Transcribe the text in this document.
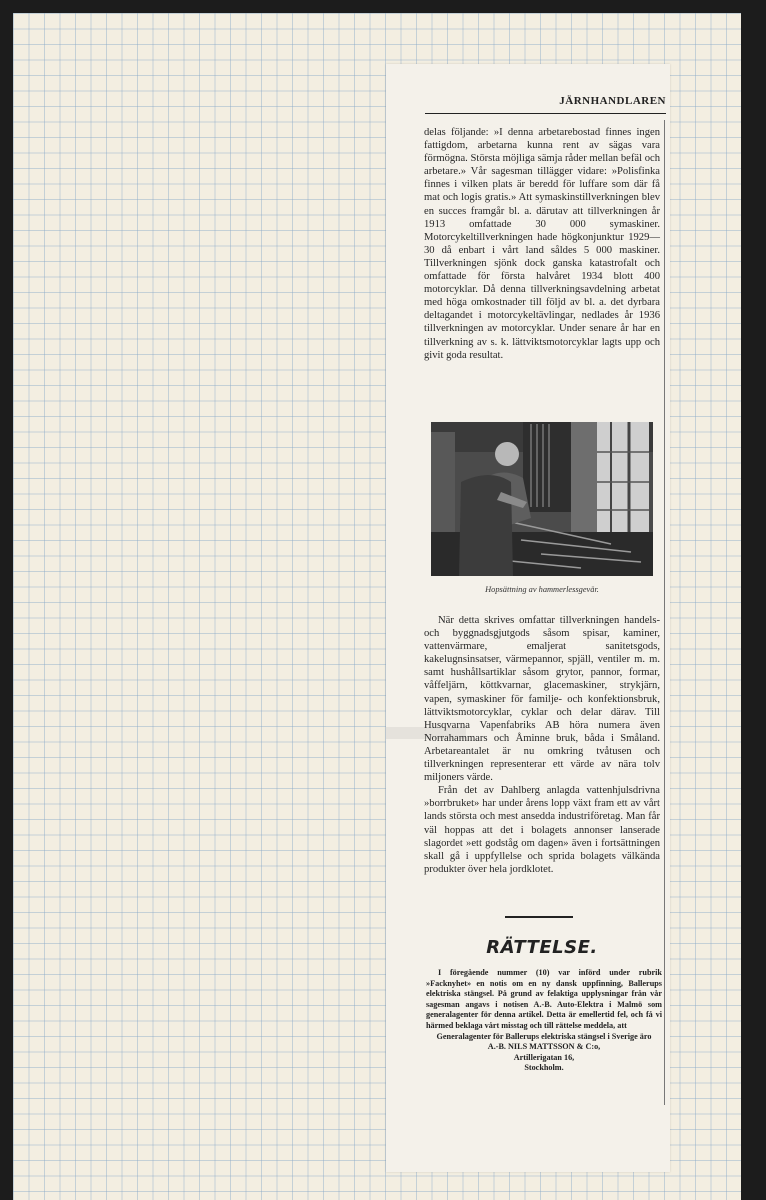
▬▬
JÄRNHANDLAREN

delas följande: »I denna arbetarebostad finnes ingen fattigdom, arbetarna kunna rent av sägas vara förmögna. Största möjliga sämja råder mellan befäl och arbetare.» Vår sagesman tillägger vidare: »Polisfinka finnes i vilken plats är beredd för luffare som där få mat och logis gratis.» Att symaskinstillverkningen blev en succes framgår bl. a. därutav att tillverkningen år 1913 omfattade 30 000 symaskiner. Motorcykeltillverkningen hade högkonjunktur 1929—30 då enbart i vårt land såldes 5 000 maskiner. Tillverkningen sjönk dock ganska katastrofalt och omfattade för första halvåret 1934 blott 400 motorcyklar. Då denna tillverkningsavdelning arbetat med höga omkostnader till följd av bl. a. det dyrbara deltagandet i motorcykeltävlingar, nedlades år 1936 tillverkningen av motorcyklar. Under senare år har en tillverkning av s. k. lättviktsmotorcyklar lagts upp och givit goda resultat.

Hopsättning av hammerlessgevär.

När detta skrives omfattar tillverkningen handels- och byggnadsgjutgods såsom spisar, kaminer, vattenvärmare, emaljerat sanitetsgods, kakelugnsinsatser, värmepannor, spjäll, ventiler m. m. samt hushållsartiklar såsom grytor, pannor, formar, våffeljärn, köttkvarnar, glacemaskiner, strykjärn, vapen, symaskiner för familje- och konfektionsbruk, lättviktsmotorcyklar, cyklar och delar därav. Till Husqvarna Vapenfabriks AB höra numera även Norrahammars och Åminne bruk, båda i Småland. Arbetareantalet är nu omkring tvåtusen och tillverkningen representerar ett värde av nära tolv miljoners värde.

Från det av Dahlberg anlagda vattenhjulsdrivna »borrbruket» har under årens lopp växt fram ett av vårt lands största och mest ansedda industriföretag. Man får väl hoppas att det i bolagets annonser lanserade slagordet »ett godståg om dagen» även i fortsättningen skall gå i uppfyllelse och sprida bolagets välkända produkter över hela jordklotet.

RÄTTELSE.

I föregående nummer (10) var införd under rubrik »Facknyhet» en notis om en ny dansk uppfinning, Ballerups elektriska stängsel. På grund av felaktiga upplysningar från vår sagesman angavs i notisen A.-B. Auto-Elektra i Malmö som generalagenter för denna artikel. Detta är emellertid fel, och få vi härmed beklaga vårt misstag och till rättelse meddela, att

Generalagenter för Ballerups elektriska stängsel i Sverige äro

A.-B. NILS MATTSSON & C:o,

Artillerigatan 16,

Stockholm.
